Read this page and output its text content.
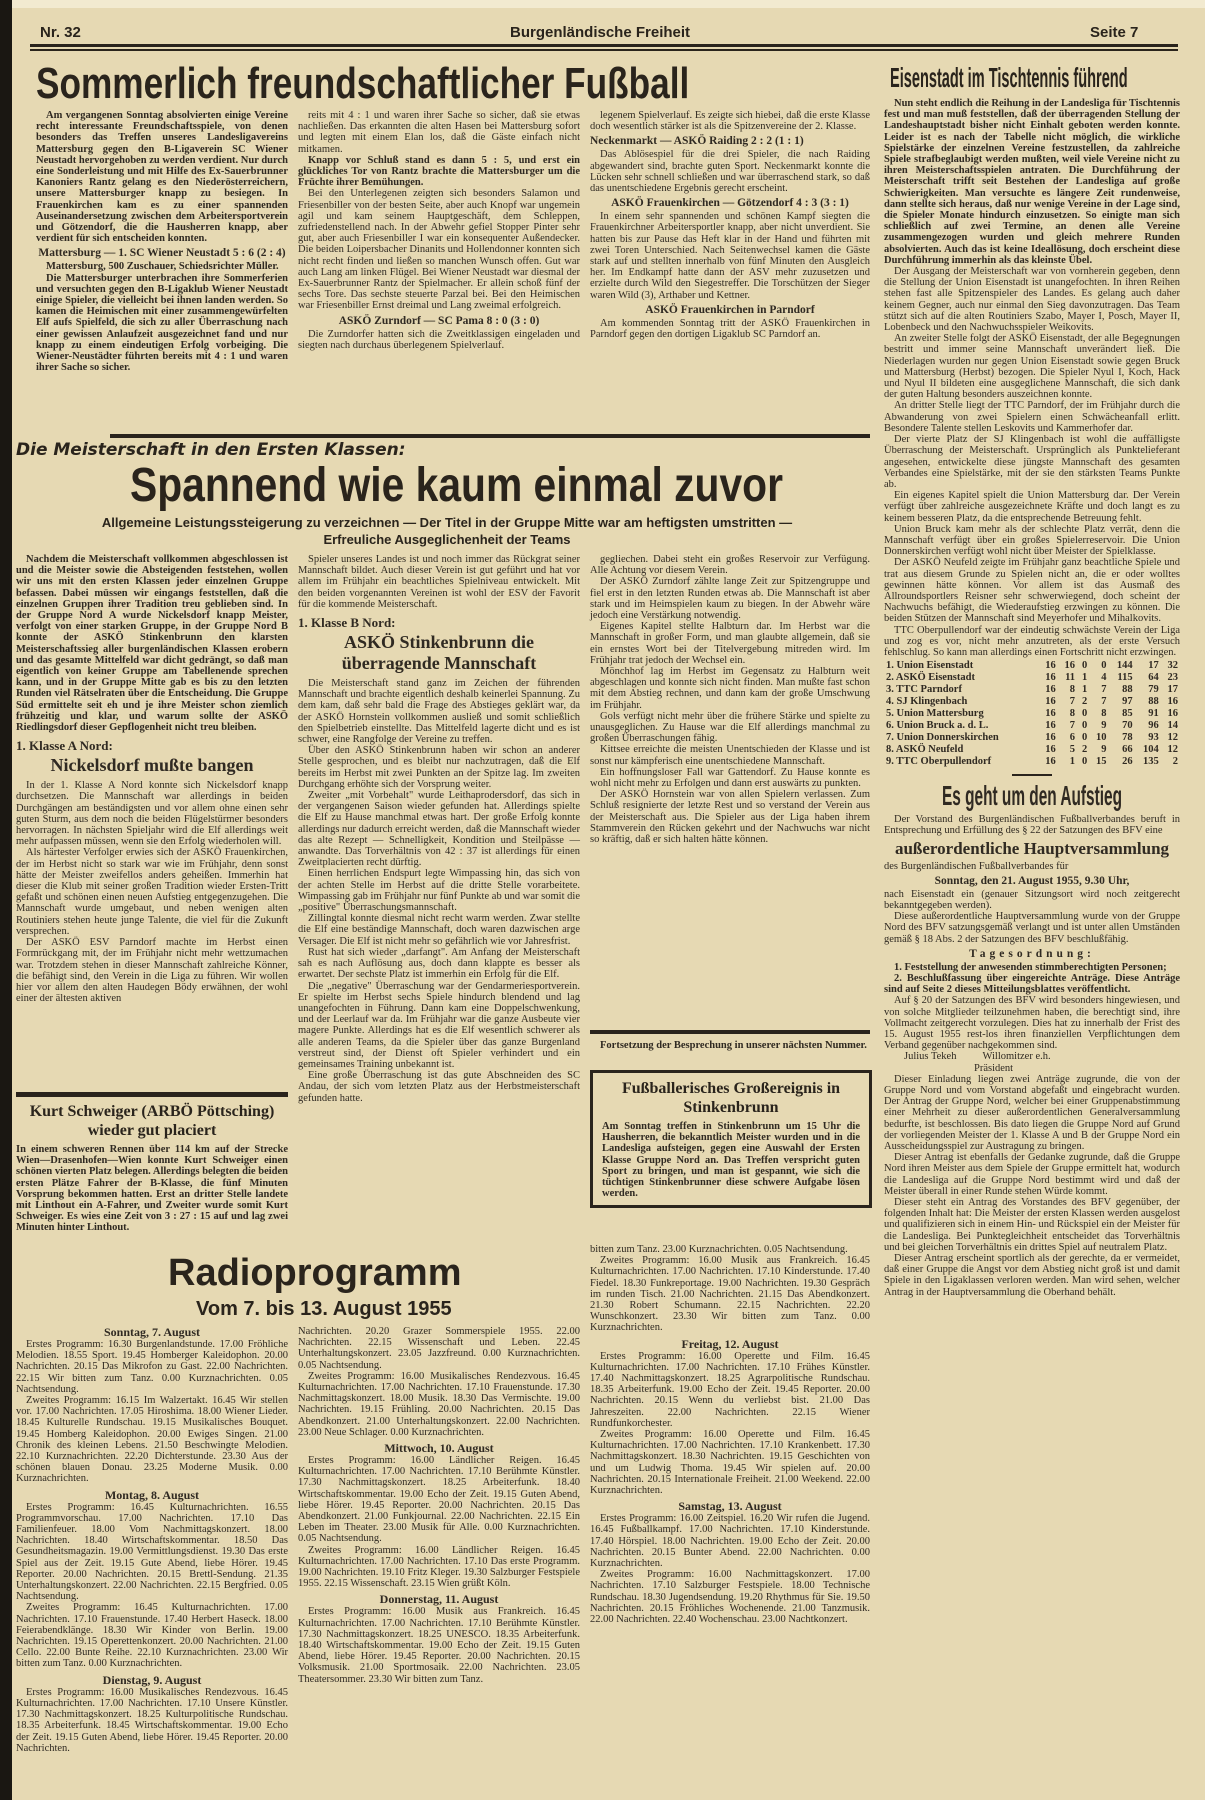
Nr. 32	Burgenländische Freiheit	Seite 7
Sommerlich freundschaftlicher Fußball

Am vergangenen Sonntag absolvierten einige Vereine recht interessante Freundschaftsspiele, von denen besonders das Treffen unseres Landesligavereins Mattersburg gegen den B-Ligaverein SC Wiener Neustadt hervorgehoben zu werden verdient. Nur durch eine Sonderleistung und mit Hilfe des Ex-Sauerbrunner Kanoniers Rantz gelang es den Niederösterreichern, unsere Mattersburger knapp zu besiegen. In Frauenkirchen kam es zu einer spannenden Auseinandersetzung zwischen dem Arbeitersportverein und Götzendorf, die die Hausherren knapp, aber verdient für sich entscheiden konnten.

Mattersburg — 1. SC Wiener Neustadt 5 : 6 (2 : 4)

Mattersburg, 500 Zuschauer, Schiedsrichter Müller.

Die Mattersburger unterbrachen ihre Sommerferien und versuchten gegen den B-Ligaklub Wiener Neustadt einige Spieler, die vielleicht bei ihnen landen werden. So kamen die Heimischen mit einer zusammengewürfelten Elf aufs Spielfeld, die sich zu aller Überraschung nach einer gewissen Anlaufzeit ausgezeichnet fand und nur knapp zu einem eindeutigen Erfolg vorbeiging. Die Wiener-Neustädter führten bereits mit 4 : 1 und waren ihrer Sache so sicher.

reits mit 4 : 1 und waren ihrer Sache so sicher, daß sie etwas nachließen. Das erkannten die alten Hasen bei Mattersburg sofort und legten mit einem Elan los, daß die Gäste einfach nicht mitkamen.

Knapp vor Schluß stand es dann 5 : 5, und erst ein glückliches Tor von Rantz brachte die Mattersburger um die Früchte ihrer Bemühungen.

Bei den Unterlegenen zeigten sich besonders Salamon und Friesenbiller von der besten Seite, aber auch Knopf war ungemein agil und kam seinem Hauptgeschäft, dem Schleppen, zufriedenstellend nach. In der Abwehr gefiel Stopper Pinter sehr gut, aber auch Friesenbiller I war ein konsequenter Außendecker. Die beiden Loipersbacher Dinanits und Hollendonner konnten sich nicht recht finden und ließen so manchen Wunsch offen. Gut war auch Lang am linken Flügel. Bei Wiener Neustadt war diesmal der Ex-Sauerbrunner Rantz der Spielmacher. Er allein schoß fünf der sechs Tore. Das sechste steuerte Parzal bei. Bei den Heimischen war Friesenbiller Ernst dreimal und Lang zweimal erfolgreich.

ASKÖ Zurndorf — SC Pama 8 : 0 (3 : 0)

Die Zurndorfer hatten sich die Zweitklassigen eingeladen und siegten nach durchaus überlegenem Spielverlauf.

legenem Spielverlauf. Es zeigte sich hiebei, daß die erste Klasse doch wesentlich stärker ist als die Spitzenvereine der 2. Klasse.

Neckenmarkt — ASKÖ Raiding 2 : 2 (1 : 1)

Das Ablösespiel für die drei Spieler, die nach Raiding abgewandert sind, brachte guten Sport. Neckenmarkt konnte die Lücken sehr schnell schließen und war überraschend stark, so daß das unentschiedene Ergebnis gerecht erscheint.

ASKÖ Frauenkirchen — Götzendorf 4 : 3 (3 : 1)

In einem sehr spannenden und schönen Kampf siegten die Frauenkirchner Arbeitersportler knapp, aber nicht unverdient. Sie hatten bis zur Pause das Heft klar in der Hand und führten mit zwei Toren Unterschied. Nach Seitenwechsel kamen die Gäste stark auf und stellten innerhalb von fünf Minuten den Ausgleich her. Im Endkampf hatte dann der ASV mehr zuzusetzen und erzielte durch Wild den Siegestreffer. Die Torschützen der Sieger waren Wild (3), Arthaber und Kettner.

ASKÖ Frauenkirchen in Parndorf

Am kommenden Sonntag tritt der ASKÖ Frauenkirchen in Parndorf gegen den dortigen Ligaklub SC Parndorf an.

Die Meisterschaft in den Ersten Klassen:
Spannend wie kaum einmal zuvor
Allgemeine Leistungssteigerung zu verzeichnen — Der Titel in der Gruppe Mitte war am heftigsten umstritten —
Erfreuliche Ausgeglichenheit der Teams

Nachdem die Meisterschaft vollkommen abgeschlossen ist und die Meister sowie die Absteigenden feststehen, wollen wir uns mit den ersten Klassen jeder einzelnen Gruppe befassen. Dabei müssen wir eingangs feststellen, daß die einzelnen Gruppen ihrer Tradition treu geblieben sind. In der Gruppe Nord A wurde Nickelsdorf knapp Meister, verfolgt von einer starken Gruppe, in der Gruppe Nord B konnte der ASKÖ Stinkenbrunn den klarsten Meisterschaftssieg aller burgenländischen Klassen erobern und das gesamte Mittelfeld war dicht gedrängt, so daß man eigentlich von keiner Gruppe am Tabellenende sprechen kann, und in der Gruppe Mitte gab es bis zu den letzten Runden viel Rätselraten über die Entscheidung. Die Gruppe Süd ermittelte seit eh und je ihre Meister schon ziemlich frühzeitig und klar, und warum sollte der ASKÖ Riedlingsdorf dieser Gepflogenheit nicht treu bleiben.

1. Klasse A Nord:
Nickelsdorf mußte bangen

In der 1. Klasse A Nord konnte sich Nickelsdorf knapp durchsetzen. Die Mannschaft war allerdings in beiden Durchgängen am beständigsten und vor allem ohne einen sehr guten Sturm, aus dem noch die beiden Flügelstürmer besonders hervorragen. In nächsten Spieljahr wird die Elf allerdings weit mehr aufpassen müssen, wenn sie den Erfolg wiederholen will.

Als härtester Verfolger erwies sich der ASKÖ Frauenkirchen, der im Herbst nicht so stark war wie im Frühjahr, denn sonst hätte der Meister zweifellos anders geheißen. Immerhin hat dieser die Klub mit seiner großen Tradition wieder Ersten-Tritt gefaßt und schönen einen neuen Aufstieg entgegenzugehen. Die Mannschaft wurde umgebaut, und neben wenigen alten Routiniers stehen heute junge Talente, die viel für die Zukunft versprechen.

Der ASKÖ ESV Parndorf machte im Herbst einen Formrückgang mit, der im Frühjahr nicht mehr wettzumachen war. Trotzdem stehen in dieser Mannschaft zahlreiche Könner, die befähigt sind, den Verein in die Liga zu führen. Wir wollen hier vor allem den alten Haudegen Bödy erwähnen, der wohl einer der ältesten aktiven

Kurt Schweiger (ARBÖ Pöttsching) wieder gut placiert
In einem schweren Rennen über 114 km auf der Strecke Wien—Drasenhofen—Wien konnte Kurt Schweiger einen schönen vierten Platz belegen. Allerdings belegten die beiden ersten Plätze Fahrer der B-Klasse, die fünf Minuten Vorsprung bekommen hatten. Erst an dritter Stelle landete mit Linthout ein A-Fahrer, und Zweiter wurde somit Kurt Schweiger. Es wies eine Zeit von 3 : 27 : 15 auf und lag zwei Minuten hinter Linthout.

Spieler unseres Landes ist und noch immer das Rückgrat seiner Mannschaft bildet. Auch dieser Verein ist gut geführt und hat vor allem im Frühjahr ein beachtliches Spielniveau entwickelt. Mit den beiden vorgenannten Vereinen ist wohl der ESV der Favorit für die kommende Meisterschaft.

1. Klasse B Nord:
ASKÖ Stinkenbrunn die überragende Mannschaft

Die Meisterschaft stand ganz im Zeichen der führenden Mannschaft und brachte eigentlich deshalb keinerlei Spannung. Zu dem kam, daß sehr bald die Frage des Abstieges geklärt war, da der ASKÖ Hornstein vollkommen ausließ und somit schließlich den Spielbetrieb einstellte. Das Mittelfeld lagerte dicht und es ist schwer, eine Rangfolge der Vereine zu treffen.

Über den ASKÖ Stinkenbrunn haben wir schon an anderer Stelle gesprochen, und es bleibt nur nachzutragen, daß die Elf bereits im Herbst mit zwei Punkten an der Spitze lag. Im zweiten Durchgang erhöhte sich der Vorsprung weiter.

Zweiter „mit Vorbehalt" wurde Leithaprodersdorf, das sich in der vergangenen Saison wieder gefunden hat. Allerdings spielte die Elf zu Hause manchmal etwas hart. Der große Erfolg konnte allerdings nur dadurch erreicht werden, daß die Mannschaft wieder das alte Rezept — Schnelligkeit, Kondition und Steilpässe — anwandte. Das Torverhältnis von 42 : 37 ist allerdings für einen Zweitplacierten recht dürftig.

Einen herrlichen Endspurt legte Wimpassing hin, das sich von der achten Stelle im Herbst auf die dritte Stelle vorarbeitete. Wimpassing gab im Frühjahr nur fünf Punkte ab und war somit die „positive" Überraschungsmannschaft.

Zillingtal konnte diesmal nicht recht warm werden. Zwar stellte die Elf eine beständige Mannschaft, doch waren dazwischen arge Versager. Die Elf ist nicht mehr so gefährlich wie vor Jahresfrist.

Rust hat sich wieder „darfangt". Am Anfang der Meisterschaft sah es nach Auflösung aus, doch dann klappte es besser als erwartet. Der sechste Platz ist immerhin ein Erfolg für die Elf.

Die „negative" Überraschung war der Gendarmeriesportverein. Er spielte im Herbst sechs Spiele hindurch blendend und lag unangefochten in Führung. Dann kam eine Doppelschwenkung, und der Leerlauf war da. Im Frühjahr war die ganze Ausbeute vier magere Punkte. Allerdings hat es die Elf wesentlich schwerer als alle anderen Teams, da die Spieler über das ganze Burgenland verstreut sind, der Dienst oft Spieler verhindert und ein gemeinsames Training unbekannt ist.

Eine große Überraschung ist das gute Abschneiden des SC Andau, der sich vom letzten Platz aus der Herbstmeisterschaft gefunden hatte.

gegliechen. Dabei steht ein großes Reservoir zur Verfügung. Alle Achtung vor diesem Verein.

Der ASKÖ Zurndorf zählte lange Zeit zur Spitzengruppe und fiel erst in den letzten Runden etwas ab. Die Mannschaft ist aber stark und im Heimspielen kaum zu biegen. In der Abwehr wäre jedoch eine Verstärkung notwendig.

Eigenes Kapitel stellte Halbturn dar. Im Herbst war die Mannschaft in großer Form, und man glaubte allgemein, daß sie ein ernstes Wort bei der Titelvergebung mitreden wird. Im Frühjahr trat jedoch der Wechsel ein.

Mönchhof lag im Herbst im Gegensatz zu Halbturn weit abgeschlagen und konnte sich nicht finden. Man mußte fast schon mit dem Abstieg rechnen, und dann kam der große Umschwung im Frühjahr.

Gols verfügt nicht mehr über die frühere Stärke und spielte zu unausgeglichen. Zu Hause war die Elf allerdings manchmal zu großen Überraschungen fähig.

Kittsee erreichte die meisten Unentschieden der Klasse und ist sonst nur kämpferisch eine unentschiedene Mannschaft.

Ein hoffnungsloser Fall war Gattendorf. Zu Hause konnte es wohl nicht mehr zu Erfolgen und dann erst auswärts zu punkten.

Der ASKÖ Hornstein war von allen Spielern verlassen. Zum Schluß resignierte der letzte Rest und so verstand der Verein aus der Meisterschaft aus. Die Spieler aus der Liga haben ihrem Stammverein den Rücken gekehrt und der Nachwuchs war nicht so kräftig, daß er sich halten hätte können.

Fortsetzung der Besprechung in unserer nächsten Nummer.

Fußballerisches Großereignis in Stinkenbrunn
Am Sonntag treffen in Stinkenbrunn um 15 Uhr die Hausherren, die bekanntlich Meister wurden und in die Landesliga aufsteigen, gegen eine Auswahl der Ersten Klasse Gruppe Nord an. Das Treffen verspricht guten Sport zu bringen, und man ist gespannt, wie sich die tüchtigen Stinkenbrunner diese schwere Aufgabe lösen werden.
Eisenstadt im Tischtennis führend

Nun steht endlich die Reihung in der Landesliga für Tischtennis fest und man muß feststellen, daß der überragenden Stellung der Landeshauptstadt bisher nicht Einhalt geboten werden konnte. Leider ist es nach der Tabelle nicht möglich, die wirkliche Spielstärke der einzelnen Vereine festzustellen, da zahlreiche Spiele strafbeglaubigt werden mußten, weil viele Vereine nicht zu ihren Meisterschaftsspielen antraten. Die Durchführung der Meisterschaft trifft seit Bestehen der Landesliga auf große Schwierigkeiten. Man versuchte es längere Zeit rundenweise, dann stellte sich heraus, daß nur wenige Vereine in der Lage sind, die Spieler Monate hindurch einzusetzen. So einigte man sich schließlich auf zwei Termine, an denen alle Vereine zusammengezogen wurden und gleich mehrere Runden absolvierten. Auch das ist keine Ideallösung, doch erscheint diese Durchführung immerhin als das kleinste Übel.

Der Ausgang der Meisterschaft war von vornherein gegeben, denn die Stellung der Union Eisenstadt ist unangefochten. In ihren Reihen stehen fast alle Spitzenspieler des Landes. Es gelang auch daher keinem Gegner, auch nur einmal den Sieg davonzutragen. Das Team stützt sich auf die alten Routiniers Szabo, Mayer I, Posch, Mayer II, Lobenbeck und den Nachwuchsspieler Weikovits.

An zweiter Stelle folgt der ASKÖ Eisenstadt, der alle Begegnungen bestritt und immer seine Mannschaft unverändert ließ. Die Niederlagen wurden nur gegen Union Eisenstadt sowie gegen Bruck und Mattersburg (Herbst) bezogen. Die Spieler Nyul I, Koch, Hack und Nyul II bildeten eine ausgeglichene Mannschaft, die sich dank der guten Haltung besonders auszeichnen konnte.

An dritter Stelle liegt der TTC Parndorf, der im Frühjahr durch die Abwanderung von zwei Spielern einen Schwächeanfall erlitt. Besondere Talente stellen Leskovits und Kammerhofer dar.

Der vierte Platz der SJ Klingenbach ist wohl die auffälligste Überraschung der Meisterschaft. Ursprünglich als Punktelieferant angesehen, entwickelte diese jüngste Mannschaft des gesamten Verbandes eine Spielstärke, mit der sie den stärksten Teams Punkte ab.

Ein eigenes Kapitel spielt die Union Mattersburg dar. Der Verein verfügt über zahlreiche ausgezeichnete Kräfte und doch langt es zu keinem besseren Platz, da die entsprechende Betreuung fehlt.

Union Bruck kam mehr als der schlechte Platz verrät, denn die Mannschaft verfügt über ein großes Spielerreservoir. Die Union Donnerskirchen verfügt wohl nicht über Meister der Spielklasse.

Der ASKÖ Neufeld zeigte im Frühjahr ganz beachtliche Spiele und trat aus diesem Grunde zu Spielen nicht an, die er oder wolltes gewinnen hätte können. Vor allem ist das Ausmaß des Allroundsportlers Reisner sehr schwerwiegend, doch scheint der Nachwuchs befähigt, die Wiederaufstieg erzwingen zu können. Die beiden Stützen der Mannschaft sind Meyerhofer und Mihalkovits.

TTC Oberpullendorf war der eindeutig schwächste Verein der Liga und zog es vor, nicht mehr anzutreten, als der erste Versuch fehlschlug. So kann man allerdings einen Fortschritt nicht erzwingen.

1. Union Eisenstadt	16	16	0	0	144	17	32
2. ASKÖ Eisenstadt	16	11	1	4	115	64	23
3. TTC Parndorf	16	8	1	7	88	79	17
4. SJ Klingenbach	16	7	2	7	97	88	16
5. Union Mattersburg	16	8	0	8	85	91	16
6. Union Bruck a. d. L.	16	7	0	9	70	96	14
7. Union Donnerskirchen	16	6	0	10	78	93	12
8. ASKÖ Neufeld	16	5	2	9	66	104	12
9. TTC Oberpullendorf	16	1	0	15	26	135	2
Es geht um den Aufstieg

Der Vorstand des Burgenländischen Fußballverbandes beruft in Entsprechung und Erfüllung des § 22 der Satzungen des BFV eine

außerordentliche Hauptversammlung
des Burgenländischen Fußballverbandes für
Sonntag, den 21. August 1955, 9.30 Uhr,
nach Eisenstadt ein (genauer Sitzungsort wird noch zeitgerecht bekanntgegeben werden).

Diese außerordentliche Hauptversammlung wurde von der Gruppe Nord des BFV satzungsgemäß verlangt und ist unter allen Umständen gemäß § 18 Abs. 2 der Satzungen des BFV beschlußfähig.

Tagesordnung:

1. Feststellung der anwesenden stimmberechtigten Personen;

2. Beschlußfassung über eingereichte Anträge. Diese Anträge sind auf Seite 2 dieses Mitteilungsblattes veröffentlicht.

Auf § 20 der Satzungen des BFV wird besonders hingewiesen, und von solche Mitglieder teilzunehmen haben, die berechtigt sind, ihre Vollmacht zeitgerecht vorzulegen. Dies hat zu innerhalb der Frist des 15. August 1955 rest-los ihren finanziellen Verpflichtungen dem Verband gegenüber nachgekommen sind.

Julius Tekeh          Willomitzer e.h.
Präsident

Dieser Einladung liegen zwei Anträge zugrunde, die von der Gruppe Nord und vom Vorstand abgefaßt und eingebracht wurden. Der Antrag der Gruppe Nord, welcher bei einer Gruppenabstimmung einer Mehrheit zu dieser außerordentlichen Generalversammlung bedurfte, ist beschlossen. Bis dato liegen die Gruppe Nord auf Grund der vorliegenden Meister der 1. Klasse A und B der Gruppe Nord ein Ausscheidungsspiel zur Austragung zu bringen.

Dieser Antrag ist ebenfalls der Gedanke zugrunde, daß die Gruppe Nord ihren Meister aus dem Spiele der Gruppe ermittelt hat, wodurch die Landesliga auf die Gruppe Nord bestimmt wird und daß der Meister überall in einer Runde stehen Würde kommt.

Dieser steht ein Antrag des Vorstandes des BFV gegenüber, der folgenden Inhalt hat: Die Meister der ersten Klassen werden ausgelost und qualifizieren sich in einem Hin- und Rückspiel ein der Meister für die Landesliga. Bei Punktegleichheit entscheidet das Torverhältnis und bei gleichen Torverhältnis ein drittes Spiel auf neutralem Platz.

Dieser Antrag erscheint sportlich als der gerechte, da er vermeidet, daß einer Gruppe die Angst vor dem Abstieg nicht groß ist und damit Spiele in den Ligaklassen verloren werden. Man wird sehen, welcher Antrag in der Hauptversammlung die Oberhand behält.

Radioprogramm
Vom 7. bis 13. August 1955
Sonntag, 7. August

Erstes Programm: 16.30 Burgenlandstunde. 17.00 Fröhliche Melodien. 18.55 Sport. 19.45 Homberger Kaleidophon. 20.00 Nachrichten. 20.15 Das Mikrofon zu Gast. 22.00 Nachrichten. 22.15 Wir bitten zum Tanz. 0.00 Kurznachrichten. 0.05 Nachtsendung.

Zweites Programm: 16.15 Im Walzertakt. 16.45 Wir stellen vor. 17.00 Nachrichten. 17.05 Hiroshima. 18.00 Wiener Lieder. 18.45 Kulturelle Rundschau. 19.15 Musikalisches Bouquet. 19.45 Homberg Kaleidophon. 20.00 Ewiges Singen. 21.00 Chronik des kleinen Lebens. 21.50 Beschwingte Melodien. 22.10 Kurznachrichten. 22.20 Dichterstunde. 23.30 Aus der schönen blauen Donau. 23.25 Moderne Musik. 0.00 Kurznachrichten.

Montag, 8. August

Erstes Programm: 16.45 Kulturnachrichten. 16.55 Programmvorschau. 17.00 Nachrichten. 17.10 Das Familienfeuer. 18.00 Vom Nachmittagskonzert. 18.00 Nachrichten. 18.40 Wirtschaftskommentar. 18.50 Das Gesundheitsmagazin. 19.00 Vermittlungsdienst. 19.30 Das erste Spiel aus der Zeit. 19.15 Gute Abend, liebe Hörer. 19.45 Reporter. 20.00 Nachrichten. 20.15 Brettl-Sendung. 21.35 Unterhaltungskonzert. 22.00 Nachrichten. 22.15 Bergfried. 0.05 Nachtsendung.

Zweites Programm: 16.45 Kulturnachrichten. 17.00 Nachrichten. 17.10 Frauenstunde. 17.40 Herbert Haseck. 18.00 Feierabendklänge. 18.30 Wir Kinder von Berlin. 19.00 Nachrichten. 19.15 Operettenkonzert. 20.00 Nachrichten. 21.00 Cello. 22.00 Bunte Reihe. 22.10 Kurznachrichten. 23.00 Wir bitten zum Tanz. 0.00 Kurznachrichten.

Dienstag, 9. August

Erstes Programm: 16.00 Musikalisches Rendezvous. 16.45 Kulturnachrichten. 17.00 Nachrichten. 17.10 Unsere Künstler. 17.30 Nachmittagskonzert. 18.25 Kulturpolitische Rundschau. 18.35 Arbeiterfunk. 18.45 Wirtschaftskommentar. 19.00 Echo der Zeit. 19.15 Guten Abend, liebe Hörer. 19.45 Reporter. 20.00 Nachrichten.

Nachrichten. 20.20 Grazer Sommerspiele 1955. 22.00 Nachrichten. 22.15 Wissenschaft und Leben. 22.45 Unterhaltungskonzert. 23.05 Jazzfreund. 0.00 Kurznachrichten. 0.05 Nachtsendung.

Zweites Programm: 16.00 Musikalisches Rendezvous. 16.45 Kulturnachrichten. 17.00 Nachrichten. 17.10 Frauenstunde. 17.30 Nachmittagskonzert. 18.00 Musik. 18.30 Das Vermischte. 19.00 Nachrichten. 19.15 Frühling. 20.00 Nachrichten. 20.15 Das Abendkonzert. 21.00 Unterhaltungskonzert. 22.00 Nachrichten. 23.00 Neue Schlager. 0.00 Kurznachrichten.

Mittwoch, 10. August

Erstes Programm: 16.00 Ländlicher Reigen. 16.45 Kulturnachrichten. 17.00 Nachrichten. 17.10 Berühmte Künstler. 17.30 Nachmittagskonzert. 18.25 Arbeiterfunk. 18.40 Wirtschaftskommentar. 19.00 Echo der Zeit. 19.15 Guten Abend, liebe Hörer. 19.45 Reporter. 20.00 Nachrichten. 20.15 Das Abendkonzert. 21.00 Funkjournal. 22.00 Nachrichten. 22.15 Ein Leben im Theater. 23.00 Musik für Alle. 0.00 Kurznachrichten. 0.05 Nachtsendung.

Zweites Programm: 16.00 Ländlicher Reigen. 16.45 Kulturnachrichten. 17.00 Nachrichten. 17.10 Das erste Programm. 19.00 Nachrichten. 19.10 Fritz Kleger. 19.30 Salzburger Festspiele 1955. 22.15 Wissenschaft. 23.15 Wien grüßt Köln.

Donnerstag, 11. August

Erstes Programm: 16.00 Musik aus Frankreich. 16.45 Kulturnachrichten. 17.00 Nachrichten. 17.10 Berühmte Künstler. 17.30 Nachmittagskonzert. 18.25 UNESCO. 18.35 Arbeiterfunk. 18.40 Wirtschaftskommentar. 19.00 Echo der Zeit. 19.15 Guten Abend, liebe Hörer. 19.45 Reporter. 20.00 Nachrichten. 20.15 Volksmusik. 21.00 Sportmosaik. 22.00 Nachrichten. 23.05 Theatersommer. 23.30 Wir bitten zum Tanz.

bitten zum Tanz. 23.00 Kurznachrichten. 0.05 Nachtsendung.

Zweites Programm: 16.00 Musik aus Frankreich. 16.45 Kulturnachrichten. 17.00 Nachrichten. 17.10 Kinderstunde. 17.40 Fiedel. 18.30 Funkreportage. 19.00 Nachrichten. 19.30 Gespräch im runden Tisch. 21.00 Nachrichten. 21.15 Das Abendkonzert. 21.30 Robert Schumann. 22.15 Nachrichten. 22.20 Wunschkonzert. 23.30 Wir bitten zum Tanz. 0.00 Kurznachrichten.

Freitag, 12. August

Erstes Programm: 16.00 Operette und Film. 16.45 Kulturnachrichten. 17.00 Nachrichten. 17.10 Frühes Künstler. 17.40 Nachmittagskonzert. 18.25 Agrarpolitische Rundschau. 18.35 Arbeiterfunk. 19.00 Echo der Zeit. 19.45 Reporter. 20.00 Nachrichten. 20.15 Wenn du verliebst bist. 21.00 Das Jahreszeiten. 22.00 Nachrichten. 22.15 Wiener Rundfunkorchester.

Zweites Programm: 16.00 Operette und Film. 16.45 Kulturnachrichten. 17.00 Nachrichten. 17.10 Krankenbett. 17.30 Nachmittagskonzert. 18.30 Nachrichten. 19.15 Geschichten von und um Ludwig Thoma. 19.45 Wir spielen auf. 20.00 Nachrichten. 20.15 Internationale Freiheit. 21.00 Weekend. 22.00 Kurznachrichten.

Samstag, 13. August

Erstes Programm: 16.00 Zeitspiel. 16.20 Wir rufen die Jugend. 16.45 Fußballkampf. 17.00 Nachrichten. 17.10 Kinderstunde. 17.40 Hörspiel. 18.00 Nachrichten. 19.00 Echo der Zeit. 20.00 Nachrichten. 20.15 Bunter Abend. 22.00 Nachrichten. 0.00 Kurznachrichten.

Zweites Programm: 16.00 Nachmittagskonzert. 17.00 Nachrichten. 17.10 Salzburger Festspiele. 18.00 Technische Rundschau. 18.30 Jugendsendung. 19.20 Rhythmus für Sie. 19.50 Nachrichten. 20.15 Fröhliches Wochenende. 21.00 Tanzmusik. 22.00 Nachrichten. 22.40 Wochenschau. 23.00 Nachtkonzert.
